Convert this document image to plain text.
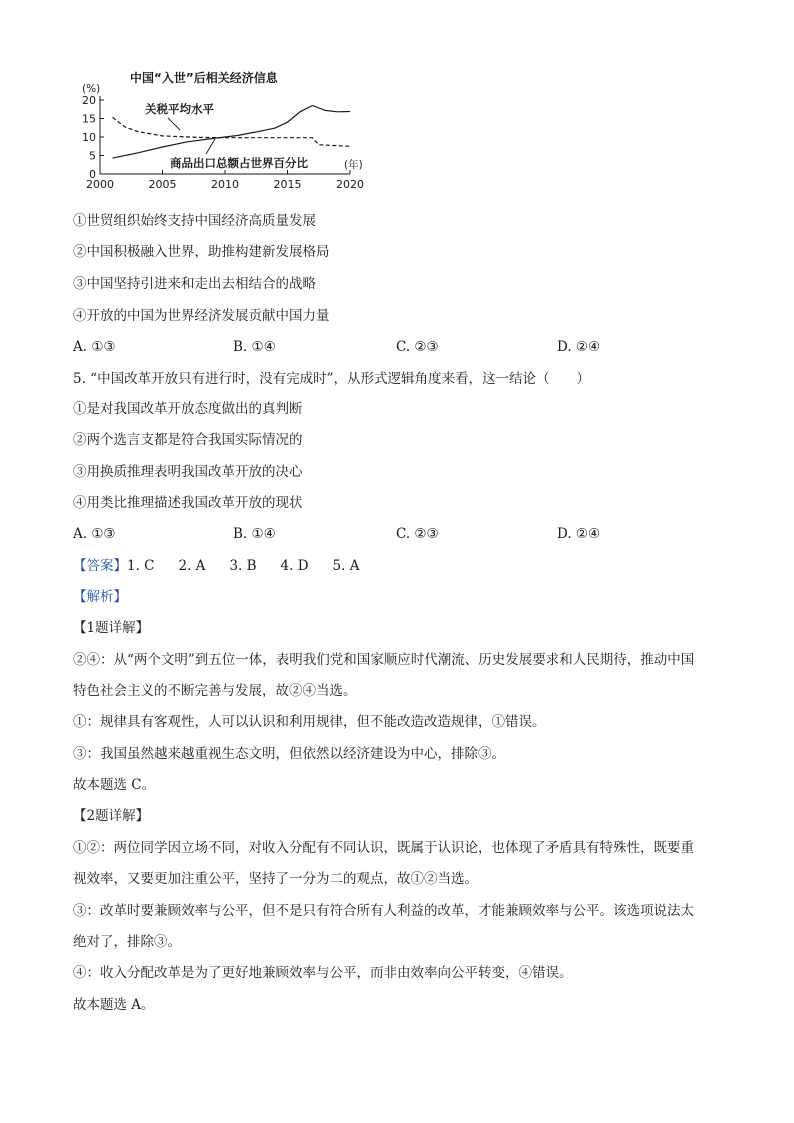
中国“入世”后相关经济信息
(%)
0
5
10
15
20
2000	2005	2010	2015	2020
关税平均水平
商品出口总额占世界百分比	(年)
①世贸组织始终支持中国经济高质量发展
②中国积极融入世界，助推构建新发展格局
③中国坚持引进来和走出去相结合的战略
④开放的中国为世界经济发展贡献中国力量
A. ①③	B. ①④	C. ②③	D. ②④
5. “中国改革开放只有进行时，没有完成时”，从形式逻辑角度来看，这一结论（　　）
①是对我国改革开放态度做出的真判断
②两个选言支都是符合我国实际情况的
③用换质推理表明我国改革开放的决心
④用类比推理描述我国改革开放的现状
A. ①③	B. ①④	C. ②③	D. ②④
【答案】1. C 2. A 3. B 4. D 5. A
【解析】
【1题详解】
②④：从“两个文明”到五位一体，表明我们党和国家顺应时代潮流、历史发展要求和人民期待，推动中国
特色社会主义的不断完善与发展，故②④当选。
①：规律具有客观性，人可以认识和利用规律，但不能改造改造规律，①错误。
③：我国虽然越来越重视生态文明，但依然以经济建设为中心，排除③。
故本题选 C。
【2题详解】
①②：两位同学因立场不同，对收入分配有不同认识，既属于认识论，也体现了矛盾具有特殊性，既要重
视效率，又要更加注重公平，坚持了一分为二的观点，故①②当选。
③：改革时要兼顾效率与公平，但不是只有符合所有人利益的改革，才能兼顾效率与公平。该选项说法太
绝对了，排除③。
④：收入分配改革是为了更好地兼顾效率与公平，而非由效率向公平转变，④错误。
故本题选 A。
